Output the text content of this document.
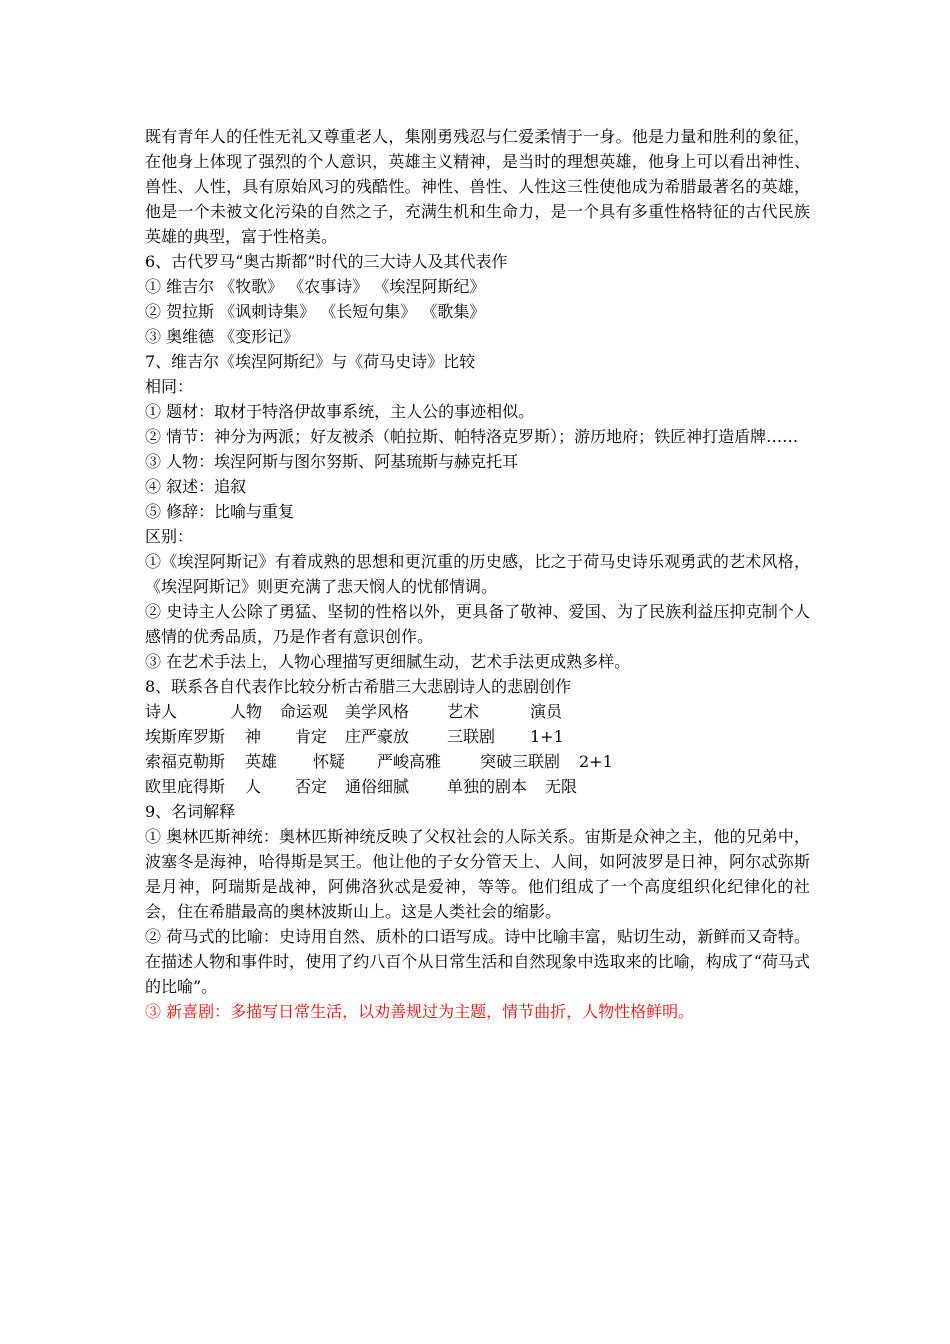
既有青年人的任性无礼又尊重老人，集刚勇残忍与仁爱柔情于一身。他是力量和胜利的象征，在他身上体现了强烈的个人意识，英雄主义精神，是当时的理想英雄，他身上可以看出神性、兽性、人性，具有原始风习的残酷性。神性、兽性、人性这三性使他成为希腊最著名的英雄，他是一个未被文化污染的自然之子，充满生机和生命力，是一个具有多重性格特征的古代民族英雄的典型，富于性格美。

6、古代罗马“奥古斯都”时代的三大诗人及其代表作

① 维吉尔 《牧歌》 《农事诗》 《埃涅阿斯纪》

② 贺拉斯 《讽刺诗集》 《长短句集》 《歌集》

③ 奥维德 《变形记》

7、维吉尔《埃涅阿斯纪》与《荷马史诗》比较

相同：

① 题材：取材于特洛伊故事系统，主人公的事迹相似。

② 情节：神分为两派；好友被杀（帕拉斯、帕特洛克罗斯）；游历地府；铁匠神打造盾牌……

③ 人物：埃涅阿斯与图尔努斯、阿基琉斯与赫克托耳

④ 叙述：追叙

⑤ 修辞：比喻与重复

区别：

①《埃涅阿斯记》有着成熟的思想和更沉重的历史感，比之于荷马史诗乐观勇武的艺术风格，《埃涅阿斯记》则更充满了悲天悯人的忧郁情调。

② 史诗主人公除了勇猛、坚韧的性格以外，更具备了敬神、爱国、为了民族利益压抑克制个人感情的优秀品质，乃是作者有意识创作。

③ 在艺术手法上，人物心理描写更细腻生动，艺术手法更成熟多样。

8、联系各自代表作比较分析古希腊三大悲剧诗人的悲剧创作

诗人	人物 命运观 美学风格 艺术	演员
埃斯库罗斯 神 肯定 庄严豪放 三联剧 1+1
索福克勒斯 英雄 怀疑 严峻高雅 突破三联剧 2+1
欧里庇得斯 人 否定 通俗细腻 单独的剧本 无限

9、名词解释

① 奥林匹斯神统：奥林匹斯神统反映了父权社会的人际关系。宙斯是众神之主，他的兄弟中，波塞冬是海神，哈得斯是冥王。他让他的子女分管天上、人间，如阿波罗是日神，阿尔忒弥斯是月神，阿瑞斯是战神，阿佛洛狄忒是爱神，等等。他们组成了一个高度组织化纪律化的社会，住在希腊最高的奥林波斯山上。这是人类社会的缩影。

② 荷马式的比喻：史诗用自然、质朴的口语写成。诗中比喻丰富，贴切生动，新鲜而又奇特。在描述人物和事件时，使用了约八百个从日常生活和自然现象中选取来的比喻，构成了“荷马式的比喻”。

③ 新喜剧：多描写日常生活，以劝善规过为主题，情节曲折，人物性格鲜明。
